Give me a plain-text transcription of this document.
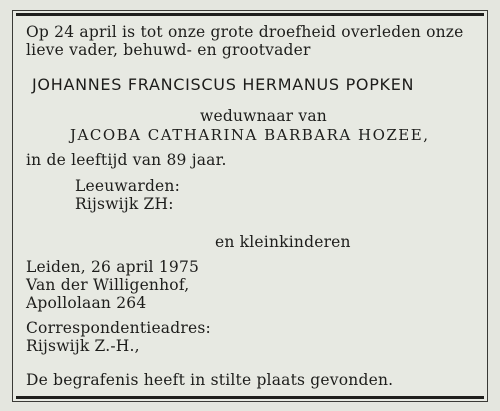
Op 24 april is tot onze grote droefheid overleden onze
lieve vader, behuwd- en grootvader
JOHANNES FRANCISCUS HERMANUS POPKEN
weduwnaar van
JACOBA CATHARINA BARBARA HOZEE,
in de leeftijd van 89 jaar.
Leeuwarden:
Rijswijk ZH:
en kleinkinderen
Leiden, 26 april 1975
Van der Willigenhof,
Apollolaan 264
Correspondentieadres:
Rijswijk Z.-H.,
De begrafenis heeft in stilte plaats gevonden.
